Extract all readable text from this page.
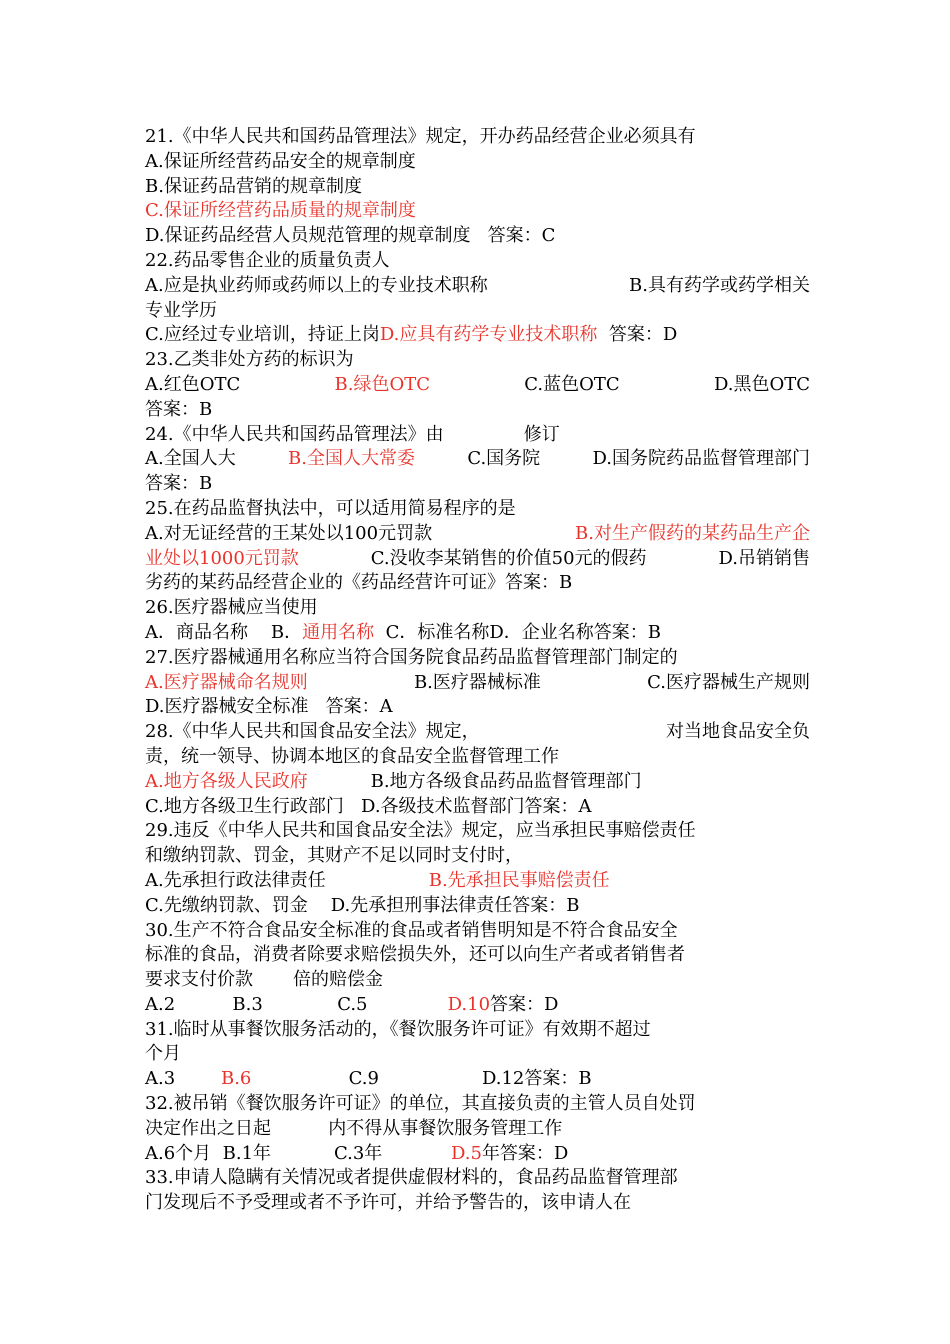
21.《中华人民共和国药品管理法》规定，开办药品经营企业必须具有
A.保证所经营药品安全的规章制度
B.保证药品营销的规章制度
C. 保证所经营药品质量的规章制度
D.保证药品经营人员规范管理的规章制度 答案：C
22.药品零售企业的质量负责人
A.应是执业药师或药师以上的专业技术职称	B.具有药学或药学相关
专业学历
C.应经过专业培训，持证上岗 D.应具有药学专业技术职称 答案：D
23.乙类非处方药的标识为
A.红色OTC	B.绿色OTC	C.蓝色OTC	D.黑色OTC
答案：B
24.《中华人民共和国药品管理法》由 修订
A.全国人大	B.全国人大常委	C.国务院	D.国务院药品监督管理部门
答案：B
25.在药品监督执法中，可以适用简易程序的是
A.对无证经营的王某处以100元罚款	B.对生产假药的某药品生产企
业处以1000元罚款	C.没收李某销售的价值50元的假药	D.吊销销售
劣药的某药品经营企业的《药品经营许可证》答案：B
26.医疗器械应当使用
A．商品名称 B． 通用名称 C．标准名称 D．企业名称答案：B
27.医疗器械通用名称应当符合国务院食品药品监督管理部门制定的
A.医疗器械命名规则	B.医疗器械标准	C.医疗器械生产规则
D.医疗器械安全标准 答案：A
28.《中华人民共和国食品安全法》规定，	对当地食品安全负
责，统一领导、协调本地区的食品安全监督管理工作
A.地方各级人民政府 B.地方各级食品药品监督管理部门
C.地方各级卫生行政部门 D.各级技术监督部门答案：A
29.违反《中华人民共和国食品安全法》规定，应当承担民事赔偿责任
和缴纳罚款、罚金，其财产不足以同时支付时，
A.先承担行政法律责任
	B.先承担民事赔偿责任
C.先缴纳罚款、罚金 D.先承担刑事法律责任答案：B
30.生产不符合食品安全标准的食品或者销售明知是不符合食品安全
标准的食品，消费者除要求赔偿损失外，还可以向生产者或者销售者
要求支付价款 倍的赔偿金
A.2 B.3 C.5
	D.10 答案：D
31.临时从事餐饮服务活动的，《餐饮服务许可证》有效期不超过
个月
A.3
	B.6 C.9 D.12答案：B
32.被吊销《餐饮服务许可证》的单位，其直接负责的主管人员自处罚
决定作出之日起 内不得从事餐饮服务管理工作
A.6个月 B.1年 C.3年
	D.5 年答案：D
33.申请人隐瞒有关情况或者提供虚假材料的，食品药品监督管理部
门发现后不予受理或者不予许可，并给予警告的，该申请人在
